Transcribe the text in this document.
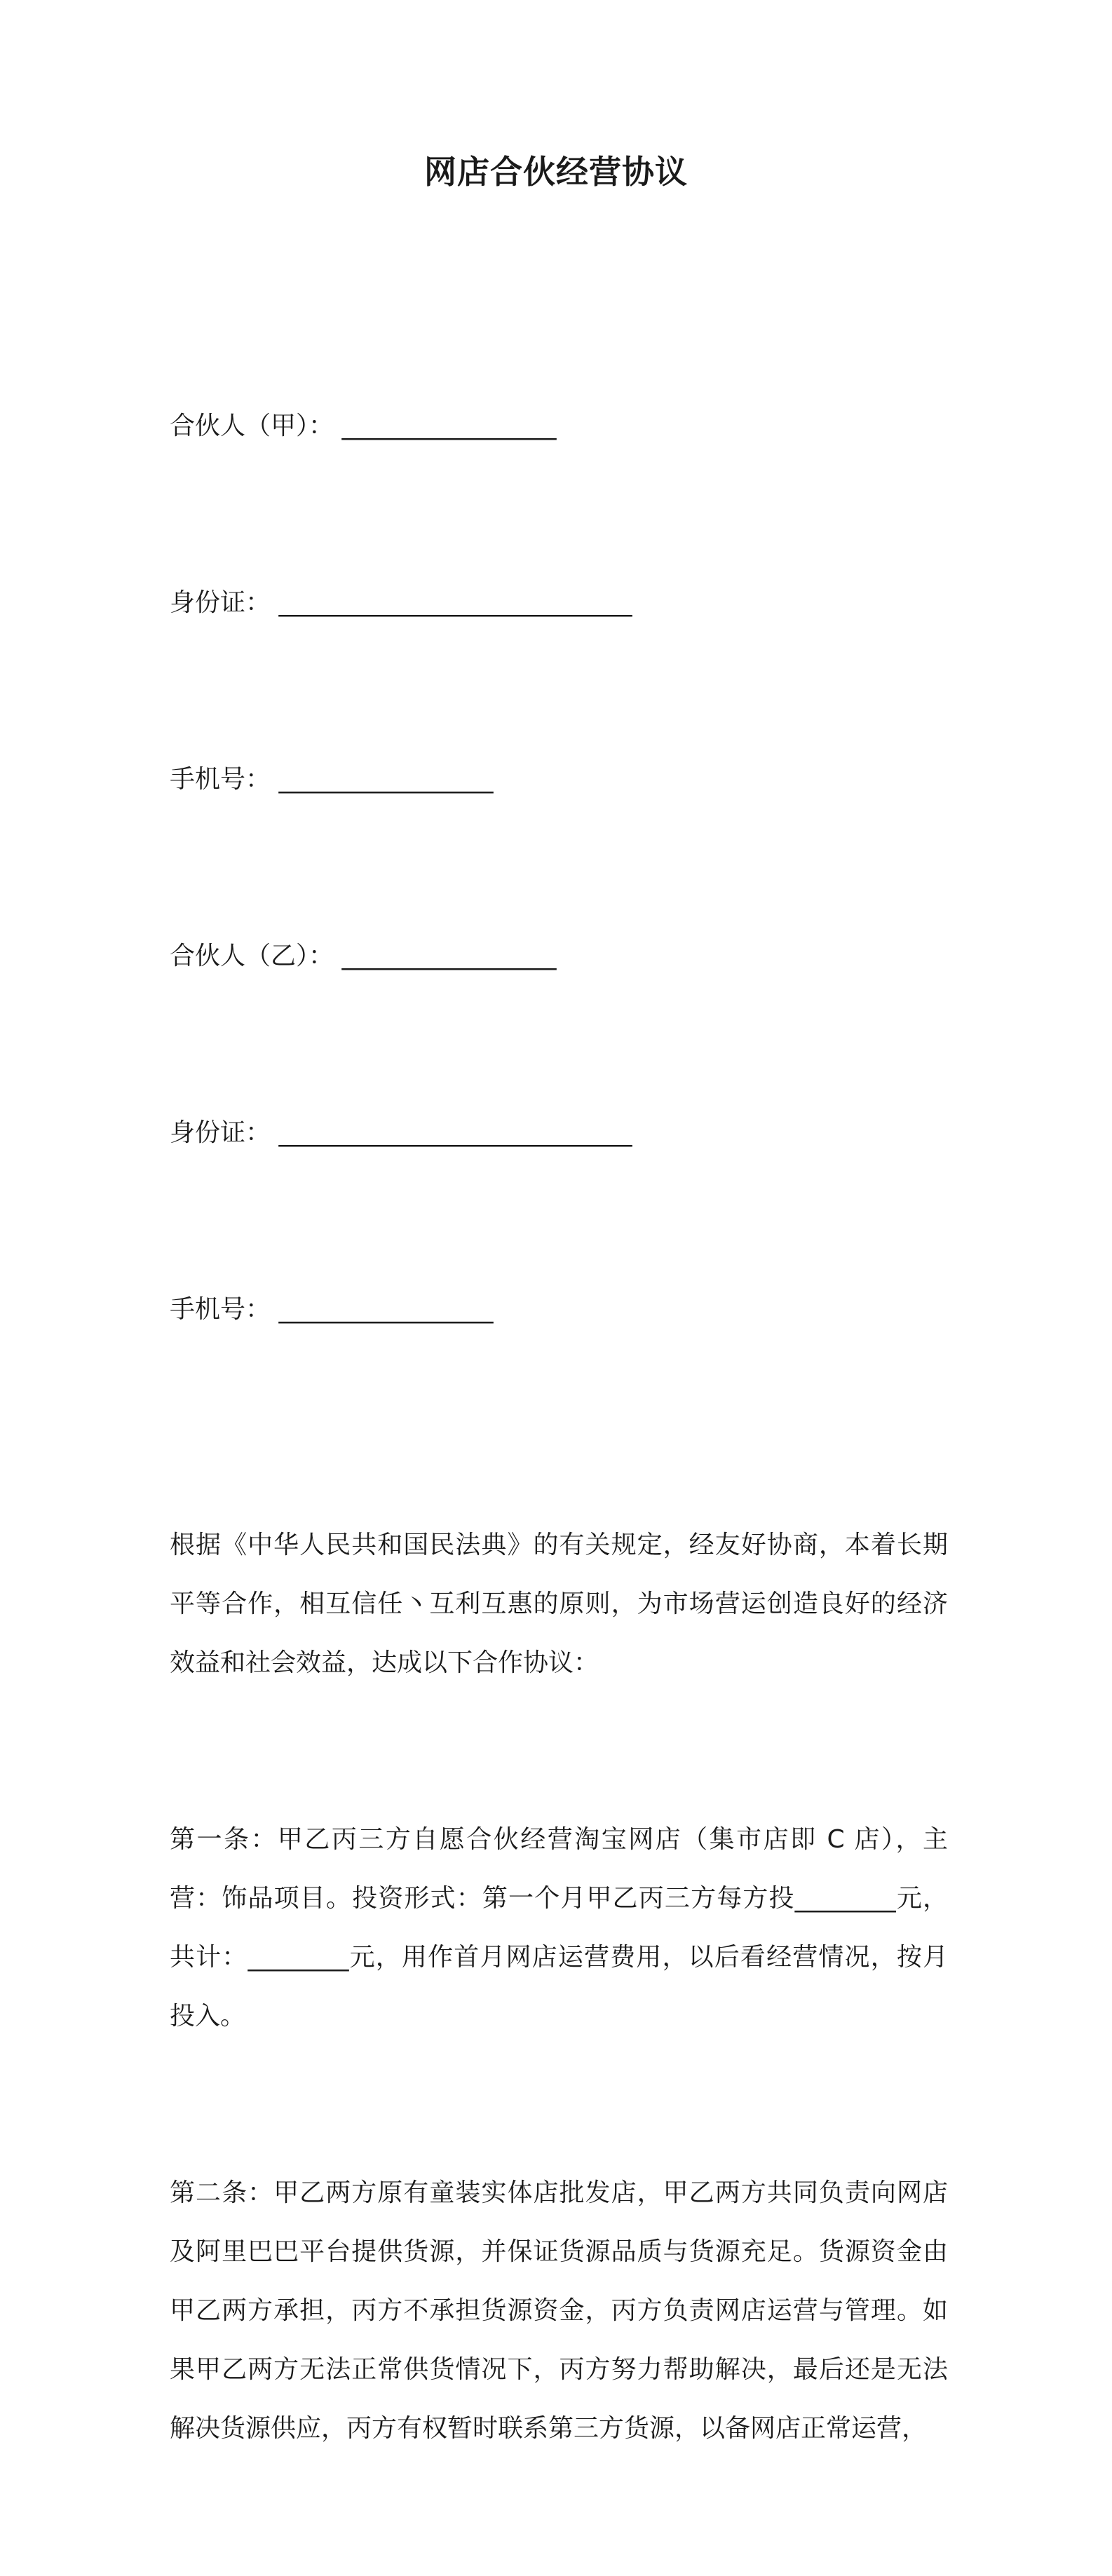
网店合伙经营协议

合伙人（甲）： _________________

身份证： ____________________________

手机号： _________________

合伙人（乙）： _________________

身份证： ____________________________

手机号： _________________

根据《中华人民共和国民法典》的有关规定，经友好协商，本着长期平等合作，相互信任丶互利互惠的原则，为市场营运创造良好的经济效益和社会效益，达成以下合作协议：

第一条：甲乙丙三方自愿合伙经营淘宝网店（集市店即 C 店），主营：饰品项目。投资形式：第一个月甲乙丙三方每方投________元，共计：________元，用作首月网店运营费用，以后看经营情况，按月投入。

第二条：甲乙两方原有童装实体店批发店，甲乙两方共同负责向网店及阿里巴巴平台提供货源，并保证货源品质与货源充足。货源资金由甲乙两方承担，丙方不承担货源资金，丙方负责网店运营与管理。如果甲乙两方无法正常供货情况下，丙方努力帮助解决，最后还是无法解决货源供应，丙方有权暂时联系第三方货源，以备网店正常运营，
